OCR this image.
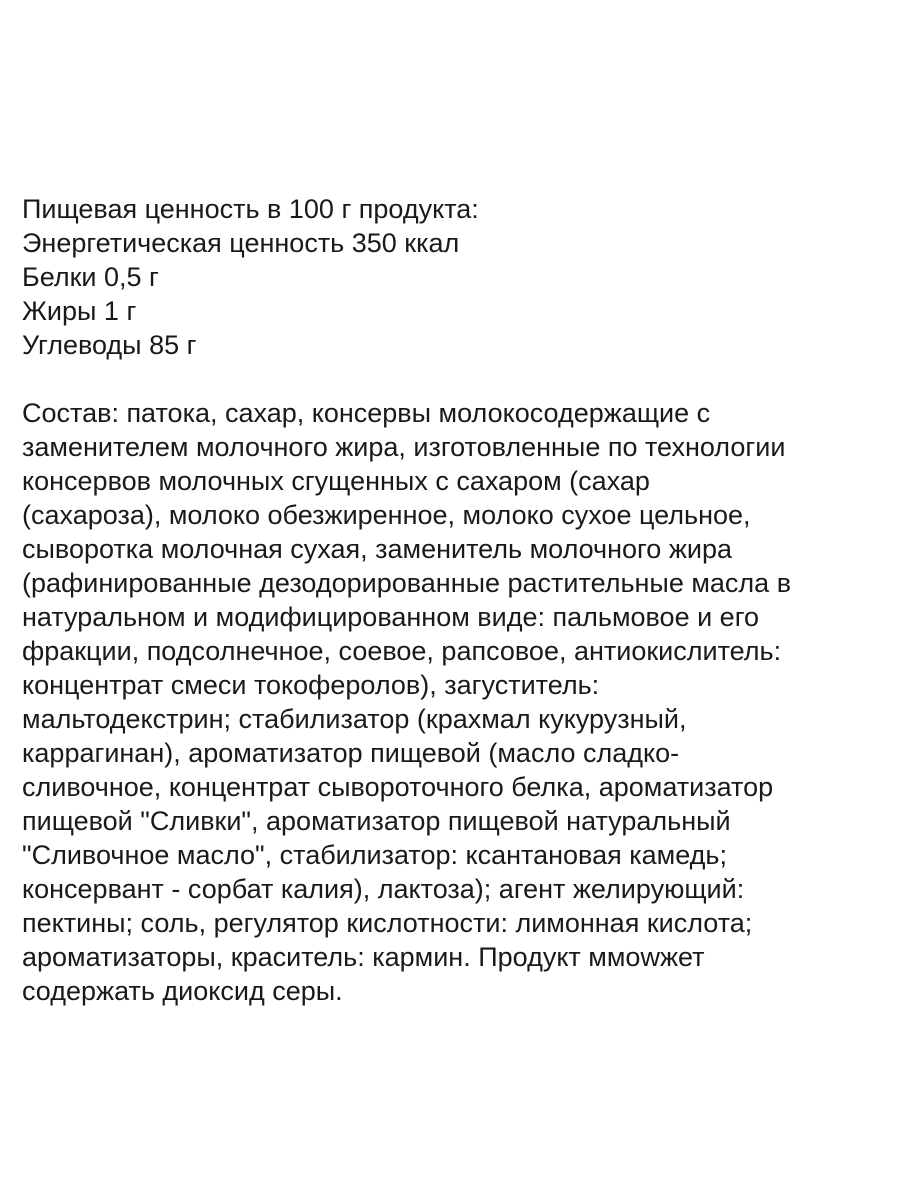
Пищевая ценность в 100 г продукта:
Энергетическая ценность 350 ккал
Белки 0,5 г
Жиры 1 г
Углеводы 85 г
Состав: патока, сахар, консервы молокосодержащие с
заменителем молочного жира, изготовленные по технологии
консервов молочных сгущенных с сахаром (сахар
(сахароза), молоко обезжиренное, молоко сухое цельное,
сыворотка молочная сухая, заменитель молочного жира
(рафинированные дезодорированные растительные масла в
натуральном и модифицированном виде: пальмовое и его
фракции, подсолнечное, соевое, рапсовое, антиокислитель:
концентрат смеси токоферолов), загуститель:
мальтодекстрин; стабилизатор (крахмал кукурузный,
каррагинан), ароматизатор пищевой (масло сладко-
сливочное, концентрат сывороточного белка, ароматизатор
пищевой "Сливки", ароматизатор пищевой натуральный
"Сливочное масло", стабилизатор: ксантановая камедь;
консервант - сорбат калия), лактоза); агент желирующий:
пектины; соль, регулятор кислотности: лимонная кислота;
ароматизаторы, краситель: кармин. Продукт ммowжет
содержать диоксид серы.
